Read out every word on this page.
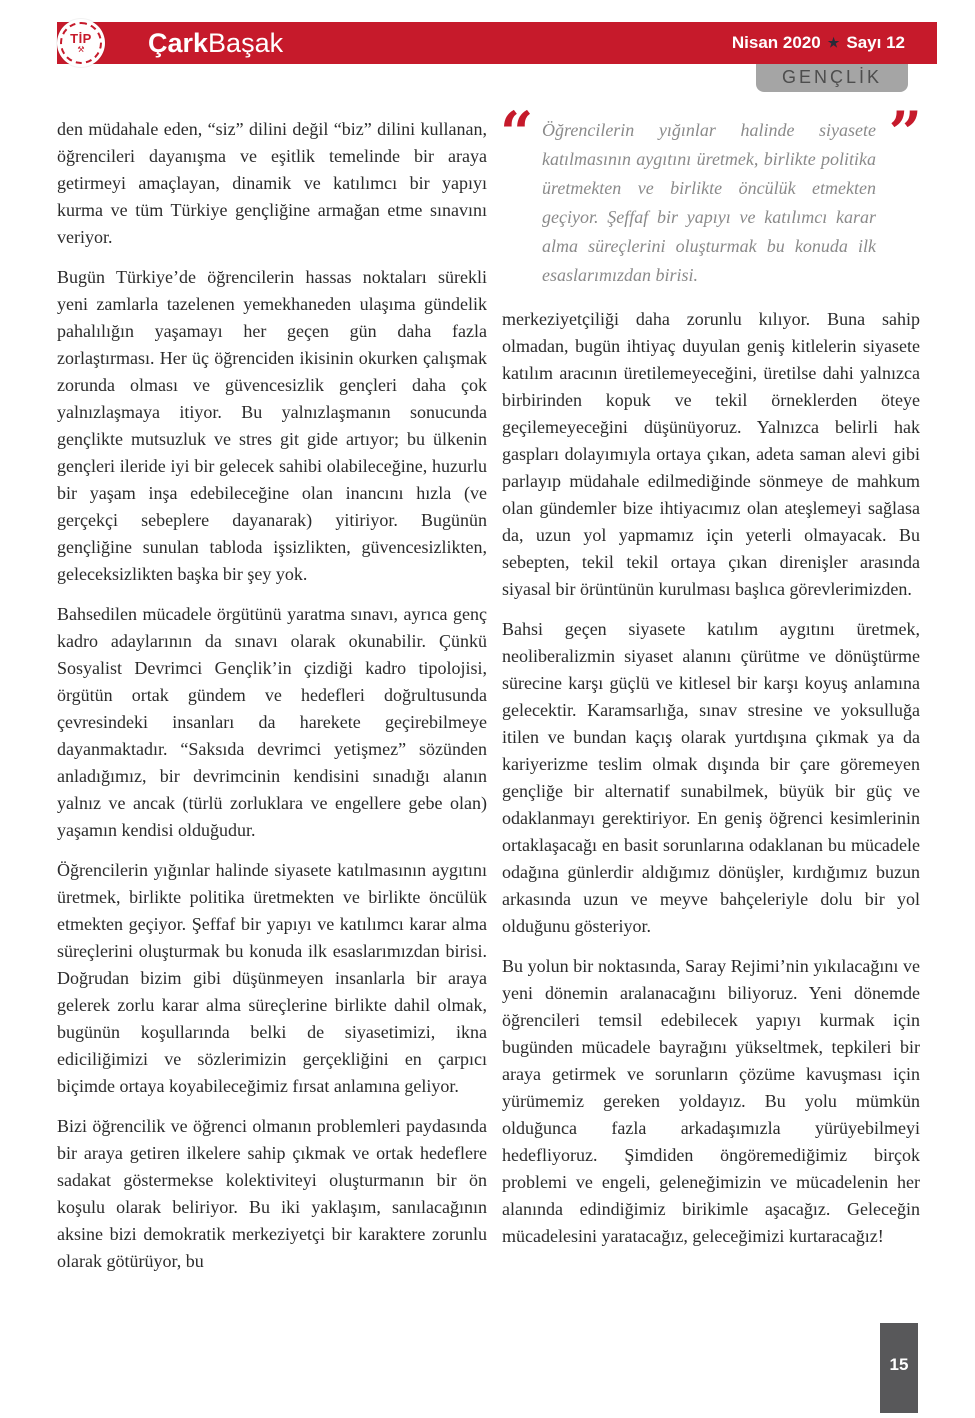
TİP
⚒ ÇarkBaşak	Nisan 2020 ★ Sayı 12
GENÇLİK

den müdahale eden, “siz” dilini değil “biz” dilini kullanan, öğrencileri dayanışma ve eşitlik temelinde bir araya getirmeyi amaçlayan, dinamik ve katılımcı bir yapıyı kurma ve tüm Türkiye gençliğine armağan etme sınavını veriyor.

Bugün Türkiye’de öğrencilerin hassas noktaları sürekli yeni zamlarla tazelenen yemekhaneden ulaşıma gündelik pahalılığın yaşamayı her geçen gün daha fazla zorlaştırması. Her üç öğrenciden ikisinin okurken çalışmak zorunda olması ve güvencesizlik gençleri daha çok yalnızlaşmaya itiyor. Bu yalnızlaşmanın sonucunda gençlikte mutsuzluk ve stres git gide artıyor; bu ülkenin gençleri ileride iyi bir gelecek sahibi olabileceğine, huzurlu bir yaşam inşa edebileceğine olan inancını hızla (ve gerçekçi sebeplere dayanarak) yitiriyor. Bugünün gençliğine sunulan tabloda işsizlikten, güvencesizlikten, geleceksizlikten başka bir şey yok.

Bahsedilen mücadele örgütünü yaratma sınavı, ayrıca genç kadro adaylarının da sınavı olarak okunabilir. Çünkü Sosyalist Devrimci Gençlik’in çizdiği kadro tipolojisi, örgütün ortak gündem ve hedefleri doğrultusunda çevresindeki insanları da harekete geçirebilmeye dayanmaktadır. “Saksıda devrimci yetişmez” sözünden anladığımız, bir devrimcinin kendisini sınadığı alanın yalnız ve ancak (türlü zorluklara ve engellere gebe olan) yaşamın kendisi olduğudur.

Öğrencilerin yığınlar halinde siyasete katılmasının aygıtını üretmek, birlikte politika üretmekten ve birlikte öncülük etmekten geçiyor. Şeffaf bir yapıyı ve katılımcı karar alma süreçlerini oluşturmak bu konuda ilk esaslarımızdan birisi. Doğrudan bizim gibi düşünmeyen insanlarla bir araya gelerek zorlu karar alma süreçlerine birlikte dahil olmak, bugünün koşullarında belki de siyasetimizi, ikna ediciliğimizi ve sözlerimizin gerçekliğini en çarpıcı biçimde ortaya koyabileceğimiz fırsat anlamına geliyor.

Bizi öğrencilik ve öğrenci olmanın problemleri paydasında bir araya getiren ilkelere sahip çıkmak ve ortak hedeflere sadakat göstermekse kolektiviteyi oluşturmanın bir ön koşulu olarak beliriyor. Bu iki yaklaşım, sanılacağının aksine bizi demokratik merkeziyetçi bir karaktere zorunlu olarak götürüyor, bu

“ Öğrencilerin yığınlar halinde siyasete katılmasının aygıtını üretmek, birlikte politika üretmekten ve birlikte öncülük etmekten geçiyor. Şeffaf bir yapıyı ve katılımcı karar alma süreçlerini oluşturmak bu konuda ilk esaslarımızdan birisi.

”

merkeziyetçiliği daha zorunlu kılıyor. Buna sahip olmadan, bugün ihtiyaç duyulan geniş kitlelerin siyasete katılım aracının üretilemeyeceğini, üretilse dahi yalnızca birbirinden kopuk ve tekil örneklerden öteye geçilemeyeceğini düşünüyoruz. Yalnızca belirli hak gaspları dolayımıyla ortaya çıkan, adeta saman alevi gibi parlayıp müdahale edilmediğinde sönmeye de mahkum olan gündemler bize ihtiyacımız olan ateşlemeyi sağlasa da, uzun yol yapmamız için yeterli olmayacak. Bu sebepten, tekil tekil ortaya çıkan direnişler arasında siyasal bir örüntünün kurulması başlıca görevlerimizden.

Bahsi geçen siyasete katılım aygıtını üretmek, neoliberalizmin siyaset alanını çürütme ve dönüştürme sürecine karşı güçlü ve kitlesel bir karşı koyuş anlamına gelecektir. Karamsarlığa, sınav stresine ve yoksulluğa itilen ve bundan kaçış olarak yurtdışına çıkmak ya da kariyerizme teslim olmak dışında bir çare göremeyen gençliğe bir alternatif sunabilmek, büyük bir güç ve odaklanmayı gerektiriyor. En geniş öğrenci kesimlerinin ortaklaşacağı en basit sorunlarına odaklanan bu mücadele odağına günlerdir aldığımız dönüşler, kırdığımız buzun arkasında uzun ve meyve bahçeleriyle dolu bir yol olduğunu gösteriyor.

Bu yolun bir noktasında, Saray Rejimi’nin yıkılacağını ve yeni dönemin aralanacağını biliyoruz. Yeni dönemde öğrencileri temsil edebilecek yapıyı kurmak için bugünden mücadele bayrağını yükseltmek, tepkileri bir araya getirmek ve sorunların çözüme kavuşması için yürümemiz gereken yoldayız. Bu yolu mümkün olduğunca fazla arkadaşımızla yürüyebilmeyi hedefliyoruz. Şimdiden öngöremediğimiz birçok problemi ve engeli, geleneğimizin ve mücadelenin her alanında edindiğimiz birikimle aşacağız. Geleceğin mücadelesini yaratacağız, geleceğimizi kurtaracağız!

15
